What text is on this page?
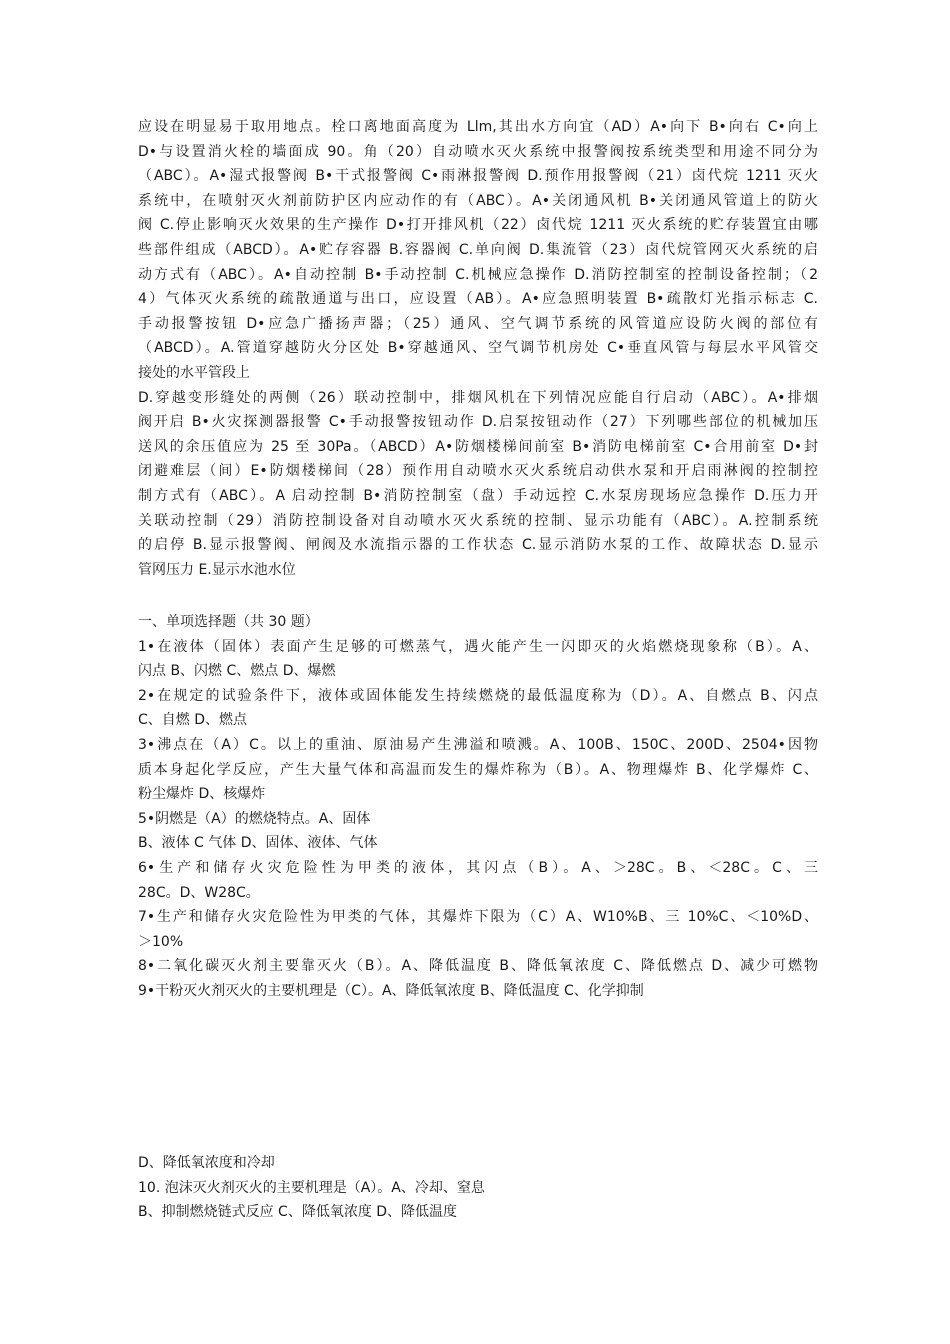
应设在明显易于取用地点。栓口离地面高度为 Llm,其出水方向宜（AD）A•向下 B•向右 C•向上
D•与设置消火栓的墙面成 90。角（20）自动喷水灭火系统中报警阀按系统类型和用途不同分为
（ABC）。A•湿式报警阀 B•干式报警阀 C•雨淋报警阀 D.预作用报警阀（21）卤代烷 1211 灭火
系统中，在喷射灭火剂前防护区内应动作的有（ABC）。A•关闭通风机 B•关闭通风管道上的防火
阀 C.停止影响灭火效果的生产操作 D•打开排风机（22）卤代烷 1211 灭火系统的贮存装置宜由哪
些部件组成（ABCD）。A•贮存容器 B.容器阀 C.单向阀 D.集流管（23）卤代烷管网灭火系统的启
动方式有（ABC）。A•自动控制 B•手动控制 C.机械应急操作 D.消防控制室的控制设备控制；（2
4）气体灭火系统的疏散通道与出口，应设置（AB）。A•应急照明装置 B•疏散灯光指示标志 C.
手动报警按钮 D•应急广播扬声器；（25）通风、空气调节系统的风管道应设防火阀的部位有
（ABCD）。A.管道穿越防火分区处 B•穿越通风、空气调节机房处 C•垂直风管与每层水平风管交
接处的水平管段上
D.穿越变形缝处的两侧（26）联动控制中，排烟风机在下列情况应能自行启动（ABC）。A•排烟
阀开启 B•火灾探测器报警 C•手动报警按钮动作 D.启泵按钮动作（27）下列哪些部位的机械加压
送风的余压值应为 25 至 30Pa。（ABCD）A•防烟楼梯间前室 B•消防电梯前室 C•合用前室 D•封
闭避难层（间）E•防烟楼梯间（28）预作用自动喷水灭火系统启动供水泵和开启雨淋阀的控制控
制方式有（ABC）。A 启动控制 B•消防控制室（盘）手动远控 C.水泵房现场应急操作 D.压力开
关联动控制（29）消防控制设备对自动喷水灭火系统的控制、显示功能有（ABC）。A.控制系统
的启停 B.显示报警阀、闸阀及水流指示器的工作状态 C.显示消防水泵的工作、故障状态 D.显示
管网压力 E.显示水池水位
一、单项选择题（共 30 题）
1•在液体（固体）表面产生足够的可燃蒸气，遇火能产生一闪即灭的火焰燃烧现象称（B）。A、
闪点 B、闪燃 C、燃点 D、爆燃
2•在规定的试验条件下，液体或固体能发生持续燃烧的最低温度称为（D）。A、自燃点 B、闪点
C、自燃 D、燃点
3•沸点在（A）C。以上的重油、原油易产生沸溢和喷溅。A、100B、150C、200D、2504•因物
质本身起化学反应，产生大量气体和高温而发生的爆炸称为（B）。A、物理爆炸 B、化学爆炸 C、
粉尘爆炸 D、核爆炸
5•阴燃是（A）的燃烧特点。A、固体
B、液体 C 气体 D、固体、液体、气体
6•生产和储存火灾危险性为甲类的液体，其闪点（B）。A、＞28C。B、＜28C。C、三
28C。D、W28C。
7•生产和储存火灾危险性为甲类的气体，其爆炸下限为（C）A、W10%B、三 10%C、＜10%D、
＞10%
8•二氧化碳灭火剂主要靠灭火（B）。A、降低温度 B、降低氧浓度 C、降低燃点 D、减少可燃物
9•干粉灭火剂灭火的主要机理是（C）。A、降低氧浓度 B、降低温度 C、化学抑制
D、降低氧浓度和冷却
10. 泡沫灭火剂灭火的主要机理是（A）。A、冷却、窒息
B、抑制燃烧链式反应 C、降低氧浓度 D、降低温度
